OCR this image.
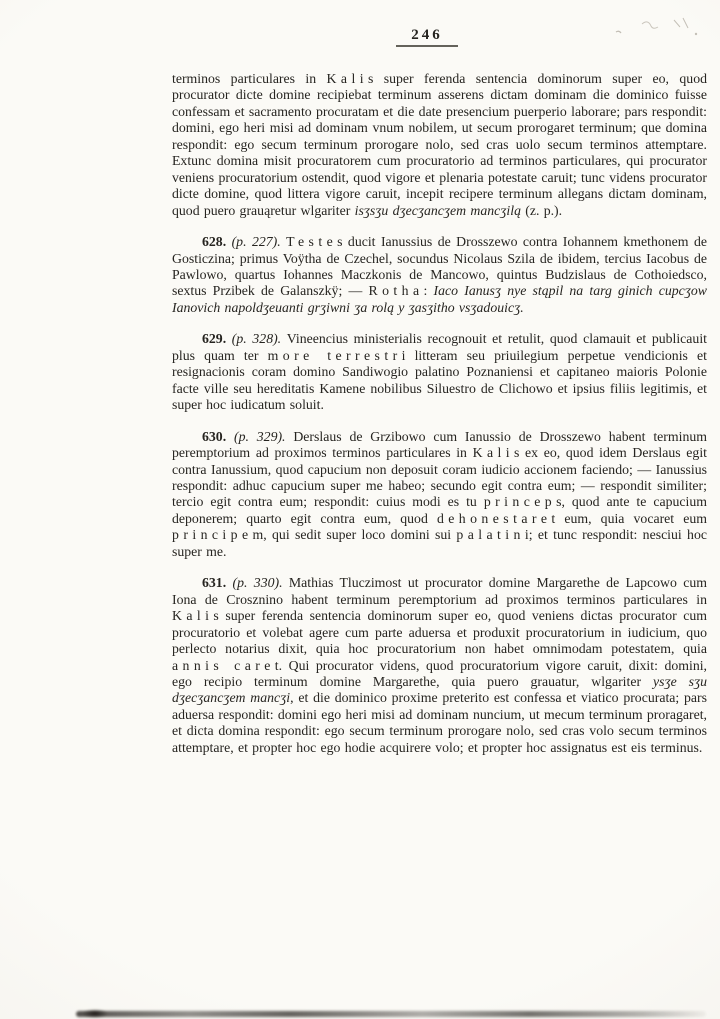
246

terminos particulares in Kalis super ferenda sentencia dominorum super eo, quod procurator dicte domine recipiebat terminum asserens dictam dominam die dominico fuisse confessam et sacramento procuratam et die date presencium puerperio laborare; pars respondit: domini, ego heri misi ad dominam vnum nobilem, ut secum prorogaret terminum; que domina respondit: ego secum terminum prorogare nolo, sed cras uolo secum terminos attemptare. Extunc domina misit procuratorem cum procuratorio ad terminos particulares, qui procurator veniens procuratorium ostendit, quod vigore et plenaria potestate caruit; tunc videns procurator dicte domine, quod littera vigore caruit, incepit recipere terminum allegans dictam dominam, quod puero grauąretur wlgariter isʒsʒu dʒecʒancʒem mancʒilą (z. p.).

628. (p. 227). Testes ducit Ianussius de Drosszewo contra Iohannem kmethonem de Gosticzina; primus Voÿtha de Czechel, socundus Nicolaus Szila de ibidem, tercius Iacobus de Pawlowo, quartus Iohannes Maczkonis de Mancowo, quintus Budzislaus de Cothoiedsco, sextus Przibek de Galanszkÿ; — Rotha: Iaco Ianusʒ nye stąpil na targ ginich cupcʒow Ianovich napoldʒeuanti grʒiwni ʒa rolą y ʒasʒitho vsʒadouicʒ.

629. (p. 328). Vineencius ministerialis recognouit et retulit, quod clamauit et publicauit plus quam ter more terrestri litteram seu priuilegium perpetue vendicionis et resignacionis coram domino Sandiwogio palatino Poznaniensi et capitaneo maioris Polonie facte ville seu hereditatis Kamene nobilibus Siluestro de Clichowo et ipsius filiis legitimis, et super hoc iudicatum soluit.

630. (p. 329). Derslaus de Grzibowo cum Ianussio de Drosszewo habent terminum peremptorium ad proximos terminos particulares in Kalis ex eo, quod idem Derslaus egit contra Ianussium, quod capucium non deposuit coram iudicio accionem faciendo; — Ianussius respondit: adhuc capucium super me habeo; secundo egit contra eum; — respondit similiter; tercio egit contra eum; respondit: cuius modi es tu princeps, quod ante te capucium deponerem; quarto egit contra eum, quod dehonestaret eum, quia vocaret eum principem, qui sedit super loco domini sui palatini; et tunc respondit: nesciui hoc super me.

631. (p. 330). Mathias Tluczimost ut procurator domine Margarethe de Lapcowo cum Iona de Crosznino habent terminum peremptorium ad proximos terminos particulares in Kalis super ferenda sentencia dominorum super eo, quod veniens dictas procurator cum procuratorio et volebat agere cum parte aduersa et produxit procuratorium in iudicium, quo perlecto notarius dixit, quia hoc procuratorium non habet omnimodam potestatem, quia annis caret. Qui procurator videns, quod procuratorium vigore caruit, dixit: domini, ego recipio terminum domine Margarethe, quia puero grauatur, wlgariter ysʒe sʒu dʒecʒancʒem mancʒi, et die dominico proxime preterito est confessa et viatico procurata; pars aduersa respondit: domini ego heri misi ad dominam nuncium, ut mecum terminum proragaret, et dicta domina respondit: ego secum terminum prorogare nolo, sed cras volo secum terminos attemptare, et propter hoc ego hodie acquirere volo; et propter hoc assignatus est eis terminus.
